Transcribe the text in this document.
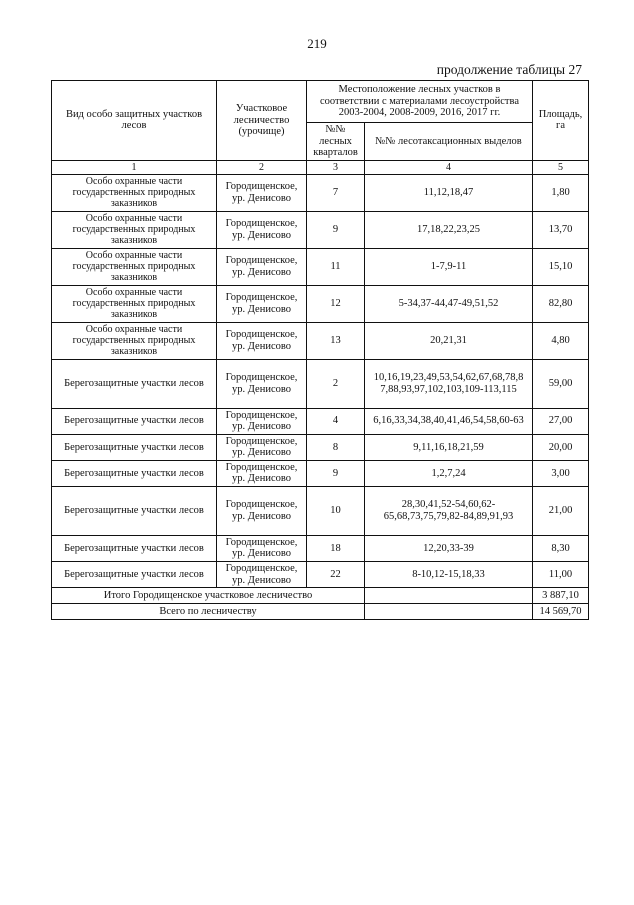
219
продолжение таблицы 27
Вид особо защитных участков лесов	Участковое лесничество (урочище)	Местоположение лесных участков в соответствии с материалами лесоустройства 2003-2004, 2008-2009, 2016, 2017 гг.		Площадь, га
		№№ лесных кварталов	№№ лесотаксационных выделов	
1	2	3	4	5
Особо охранные части государственных природных заказников	Городищенское, ур. Денисово	7	11,12,18,47	1,80
Особо охранные части государственных природных заказников	Городищенское, ур. Денисово	9	17,18,22,23,25	13,70
Особо охранные части государственных природных заказников	Городищенское, ур. Денисово	11	1-7,9-11	15,10
Особо охранные части государственных природных заказников	Городищенское, ур. Денисово	12	5-34,37-44,47-49,51,52	82,80
Особо охранные части государственных природных заказников	Городищенское, ур. Денисово	13	20,21,31	4,80
Берегозащитные участки лесов	Городищенское, ур. Денисово	2	10,16,19,23,49,53,54,62,67,68,78,8 7,88,93,97,102,103,109-113,115	59,00
Берегозащитные участки лесов	Городищенское, ур. Денисово	4	6,16,33,34,38,40,41,46,54,58,60-63	27,00
Берегозащитные участки лесов	Городищенское, ур. Денисово	8	9,11,16,18,21,59	20,00
Берегозащитные участки лесов	Городищенское, ур. Денисово	9	1,2,7,24	3,00
Берегозащитные участки лесов	Городищенское, ур. Денисово	10	28,30,41,52-54,60,62- 65,68,73,75,79,82-84,89,91,93	21,00
Берегозащитные участки лесов	Городищенское, ур. Денисово	18	12,20,33-39	8,30
Берегозащитные участки лесов	Городищенское, ур. Денисово	22	8-10,12-15,18,33	11,00
Итого Городищенское участковое лесничество				3 887,10
Всего по лесничеству				14 569,70
